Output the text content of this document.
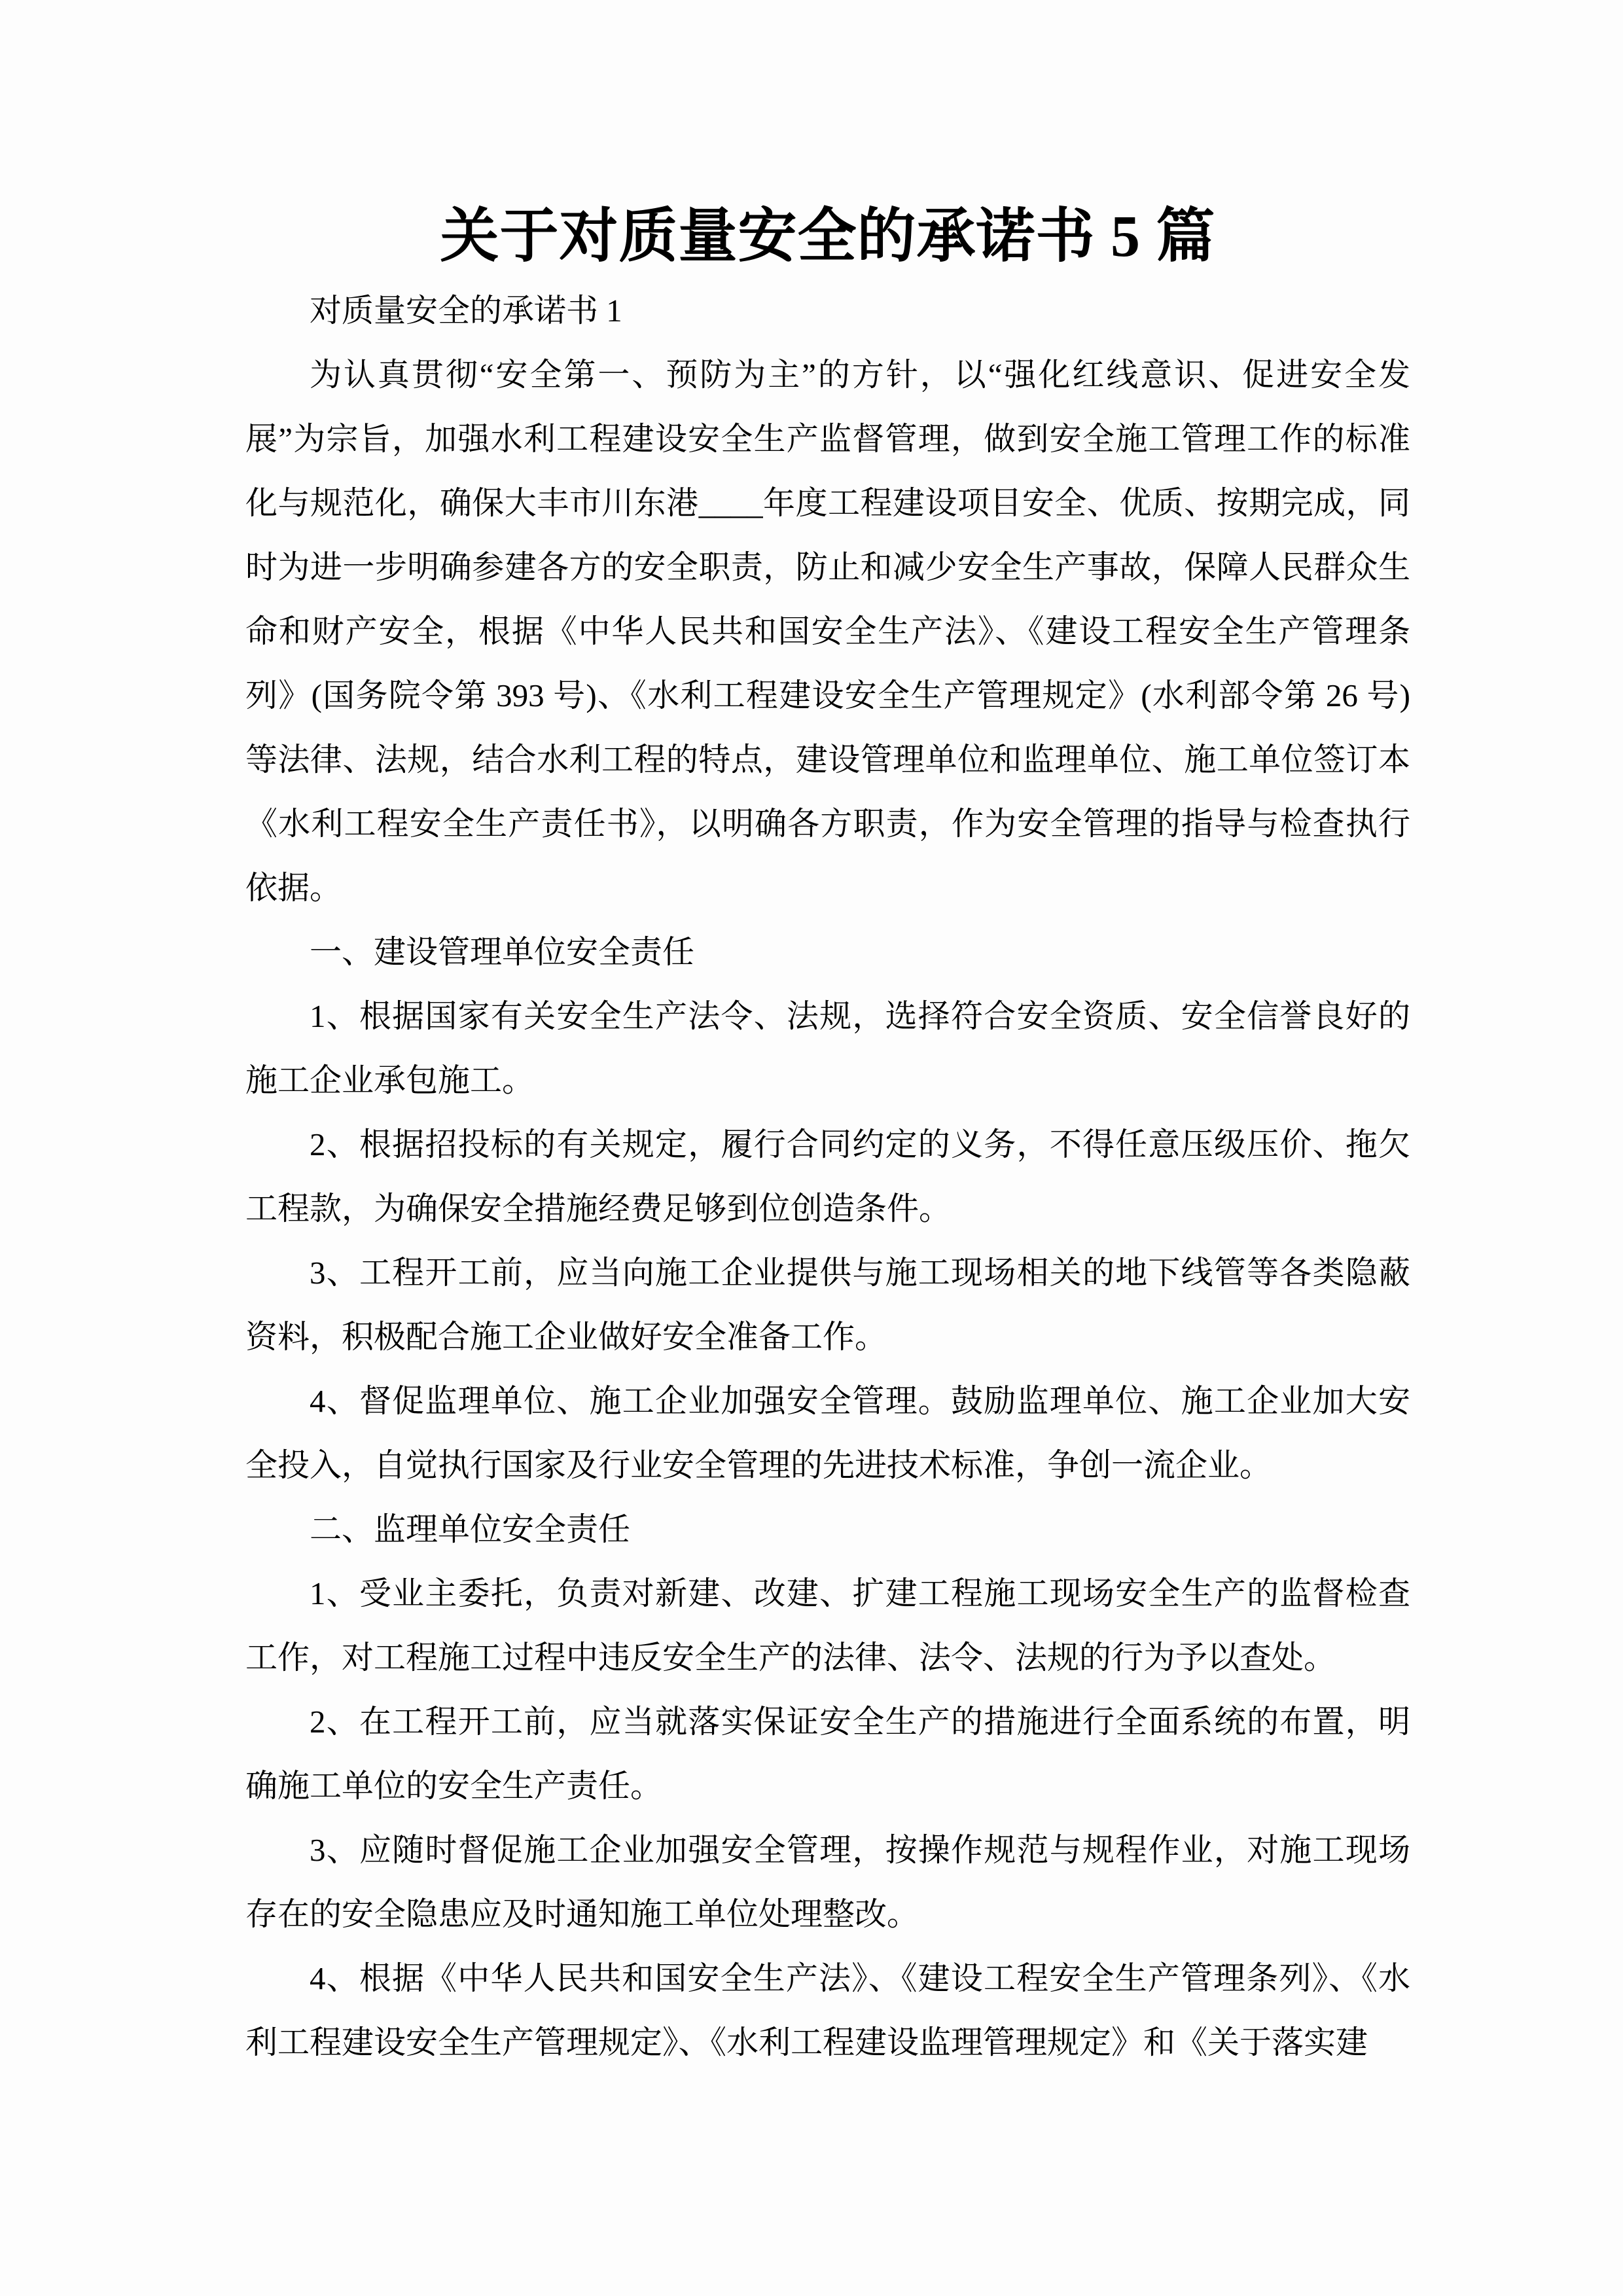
关于对质量安全的承诺书 5 篇

对质量安全的承诺书 1

为认真贯彻“安全第一、预防为主”的方针，以“强化红线意识、促进安全发展”为宗旨，加强水利工程建设安全生产监督管理，做到安全施工管理工作的标准化与规范化，确保大丰市川东港____年度工程建设项目安全、优质、按期完成，同时为进一步明确参建各方的安全职责，防止和减少安全生产事故，保障人民群众生命和财产安全，根据《中华人民共和国安全生产法》、《建设工程安全生产管理条列》(国务院令第 393 号)、《水利工程建设安全生产管理规定》(水利部令第 26 号)等法律、法规，结合水利工程的特点，建设管理单位和监理单位、施工单位签订本《水利工程安全生产责任书》，以明确各方职责，作为安全管理的指导与检查执行依据。

一、建设管理单位安全责任

1、根据国家有关安全生产法令、法规，选择符合安全资质、安全信誉良好的施工企业承包施工。

2、根据招投标的有关规定，履行合同约定的义务，不得任意压级压价、拖欠工程款，为确保安全措施经费足够到位创造条件。

3、工程开工前，应当向施工企业提供与施工现场相关的地下线管等各类隐蔽资料，积极配合施工企业做好安全准备工作。

4、督促监理单位、施工企业加强安全管理。鼓励监理单位、施工企业加大安全投入，自觉执行国家及行业安全管理的先进技术标准，争创一流企业。

二、监理单位安全责任

1、受业主委托，负责对新建、改建、扩建工程施工现场安全生产的监督检查工作，对工程施工过程中违反安全生产的法律、法令、法规的行为予以查处。

2、在工程开工前，应当就落实保证安全生产的措施进行全面系统的布置，明确施工单位的安全生产责任。

3、应随时督促施工企业加强安全管理，按操作规范与规程作业，对施工现场存在的安全隐患应及时通知施工单位处理整改。

4、根据《中华人民共和国安全生产法》、《建设工程安全生产管理条列》、《水利工程建设安全生产管理规定》、《水利工程建设监理管理规定》和《关于落实建
